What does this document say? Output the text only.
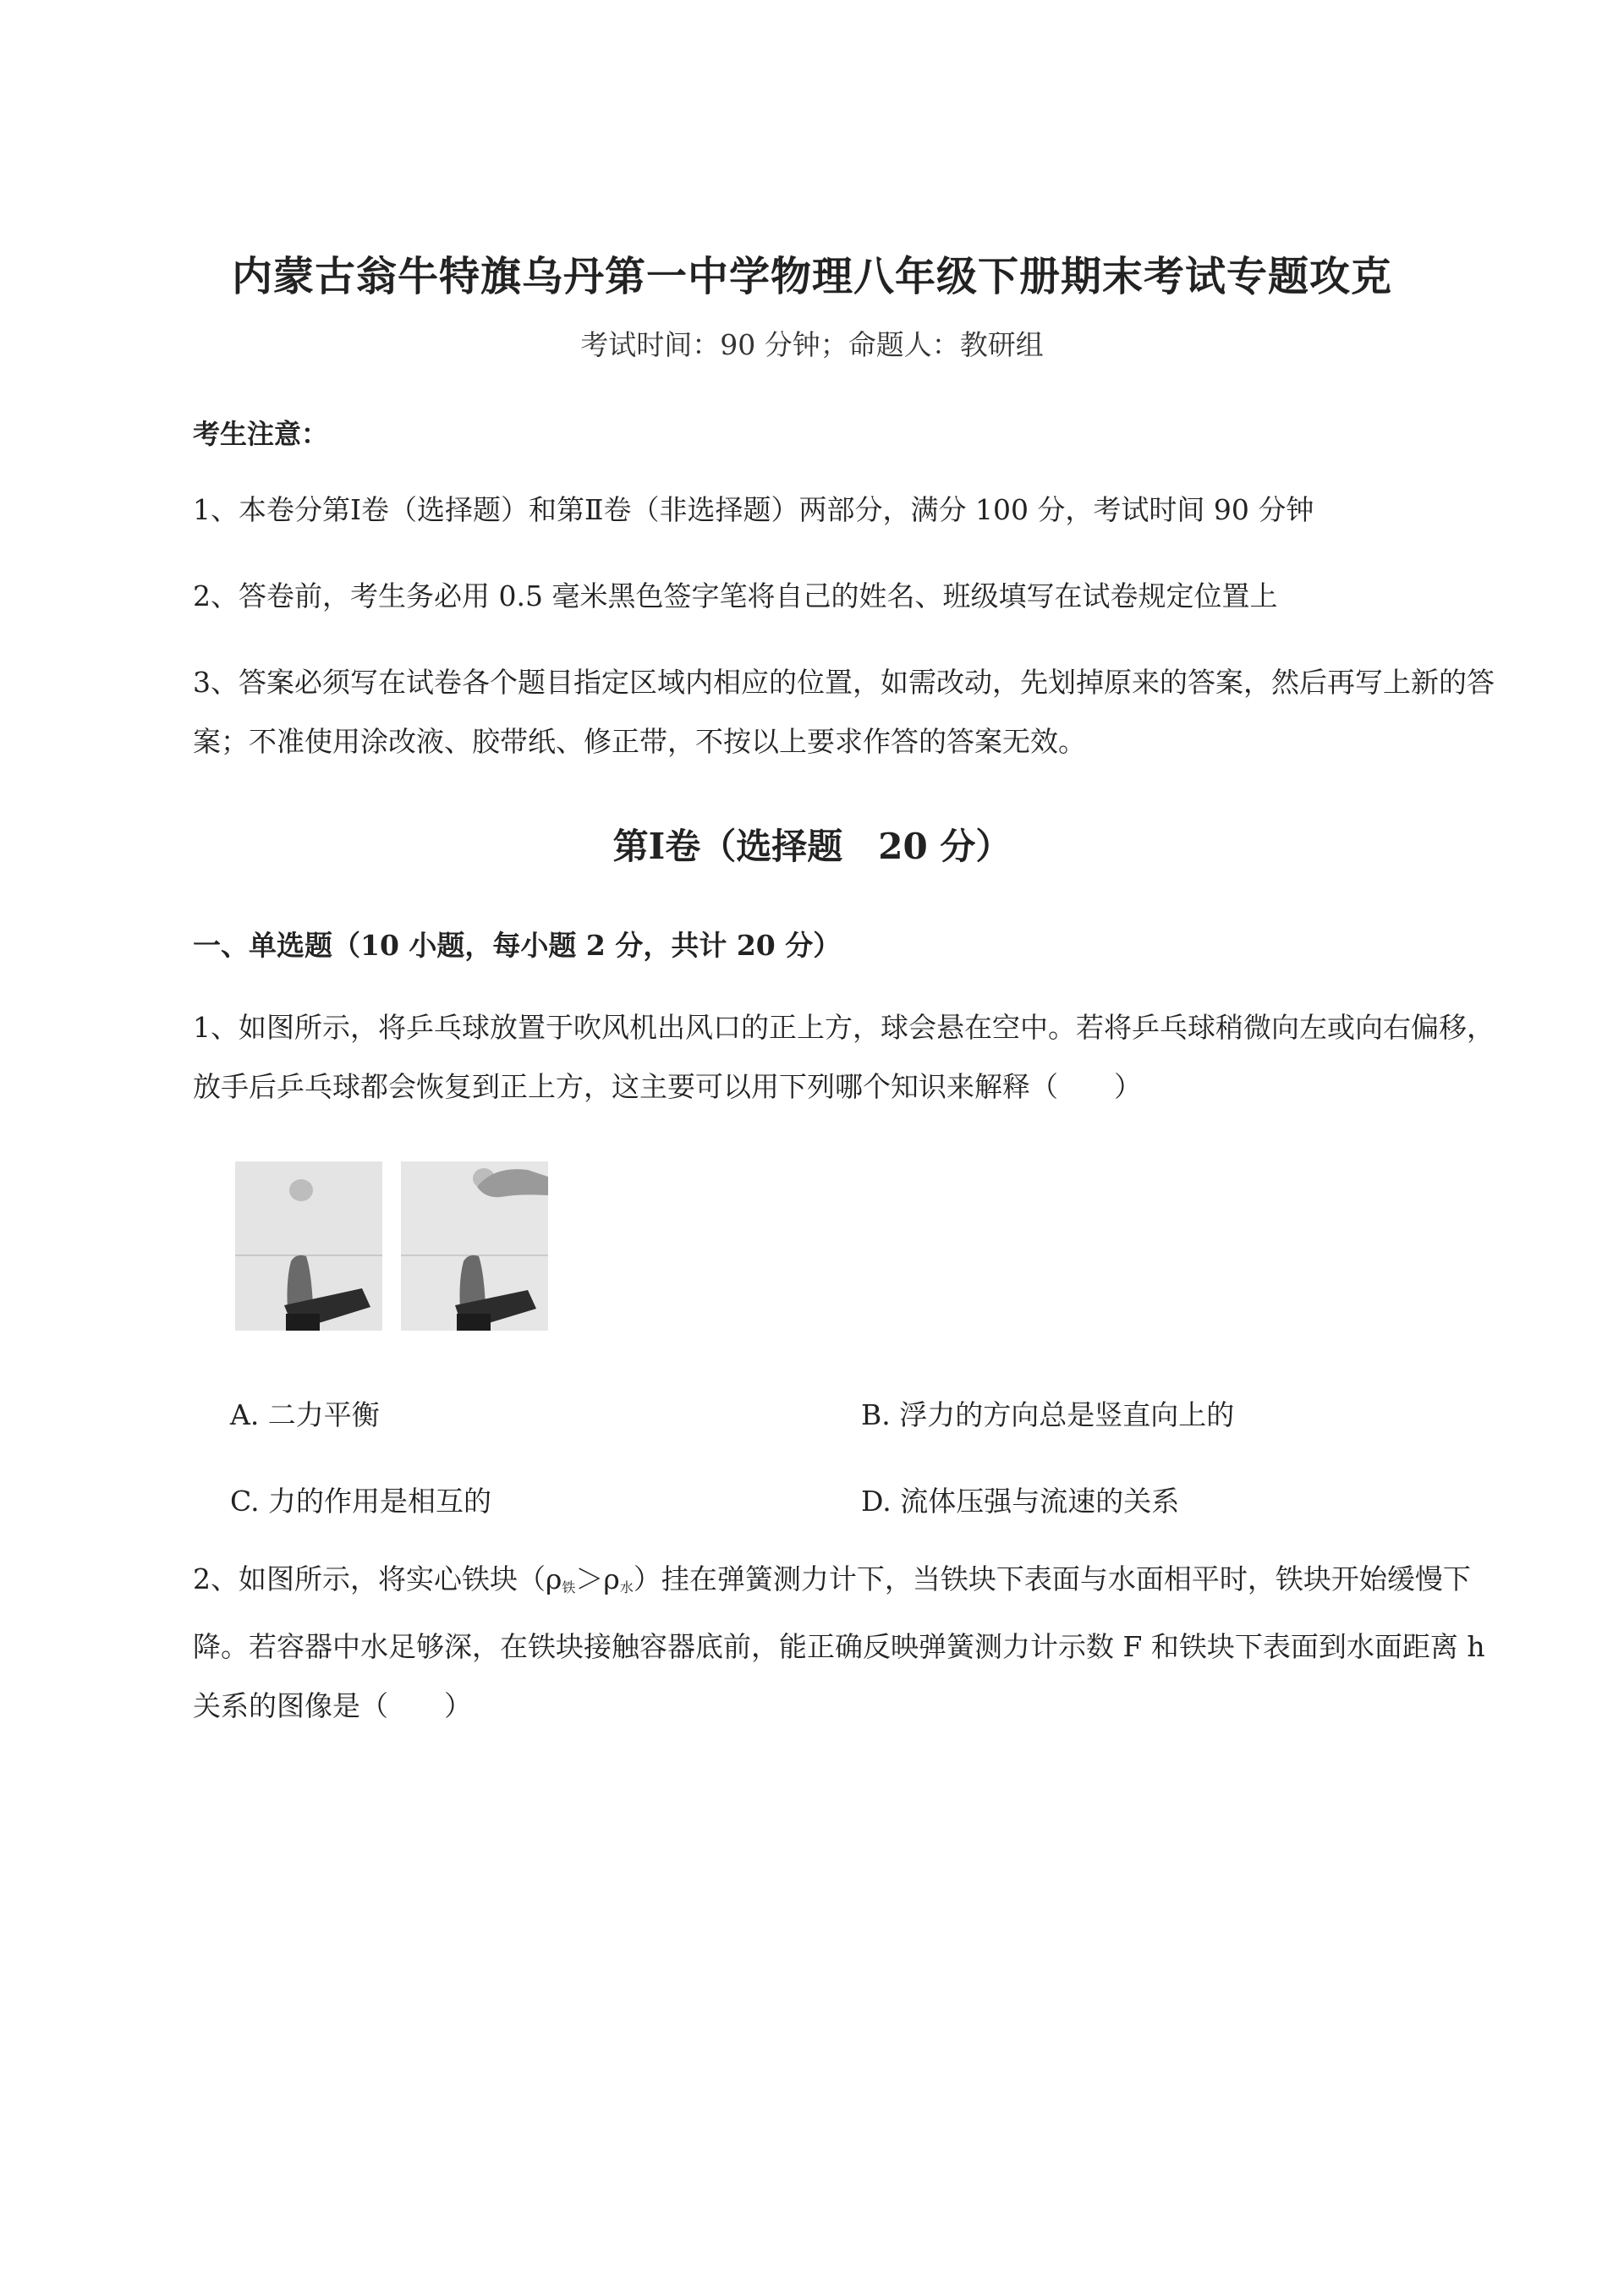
内蒙古翁牛特旗乌丹第一中学物理八年级下册期末考试专题攻克
考试时间：90 分钟；命题人：教研组
考生注意：
1、本卷分第Ⅰ卷（选择题）和第Ⅱ卷（非选择题）两部分，满分 100 分，考试时间 90 分钟
2、答卷前，考生务必用 0.5 毫米黑色签字笔将自己的姓名、班级填写在试卷规定位置上
3、答案必须写在试卷各个题目指定区域内相应的位置，如需改动，先划掉原来的答案，然后再写上新的答案；不准使用涂改液、胶带纸、修正带，不按以上要求作答的答案无效。
第Ⅰ卷（选择题　20 分）
一、单选题（10 小题，每小题 2 分，共计 20 分）
1、如图所示，将乒乓球放置于吹风机出风口的正上方，球会悬在空中。若将乒乓球稍微向左或向右偏移，放手后乒乓球都会恢复到正上方，这主要可以用下列哪个知识来解释（　　）
A. 二力平衡	B. 浮力的方向总是竖直向上的
C. 力的作用是相互的	D. 流体压强与流速的关系
2、如图所示，将实心铁块$(\rho_铁>\rho_水)$挂在弹簧测力计下，当铁块下表面与水面相平时，铁块开始缓慢下降。若容器中水足够深，在铁块接触容器底前，能正确反映弹簧测力计示数 F 和铁块下表面到水面距离 h 关系的图像是（　　）
